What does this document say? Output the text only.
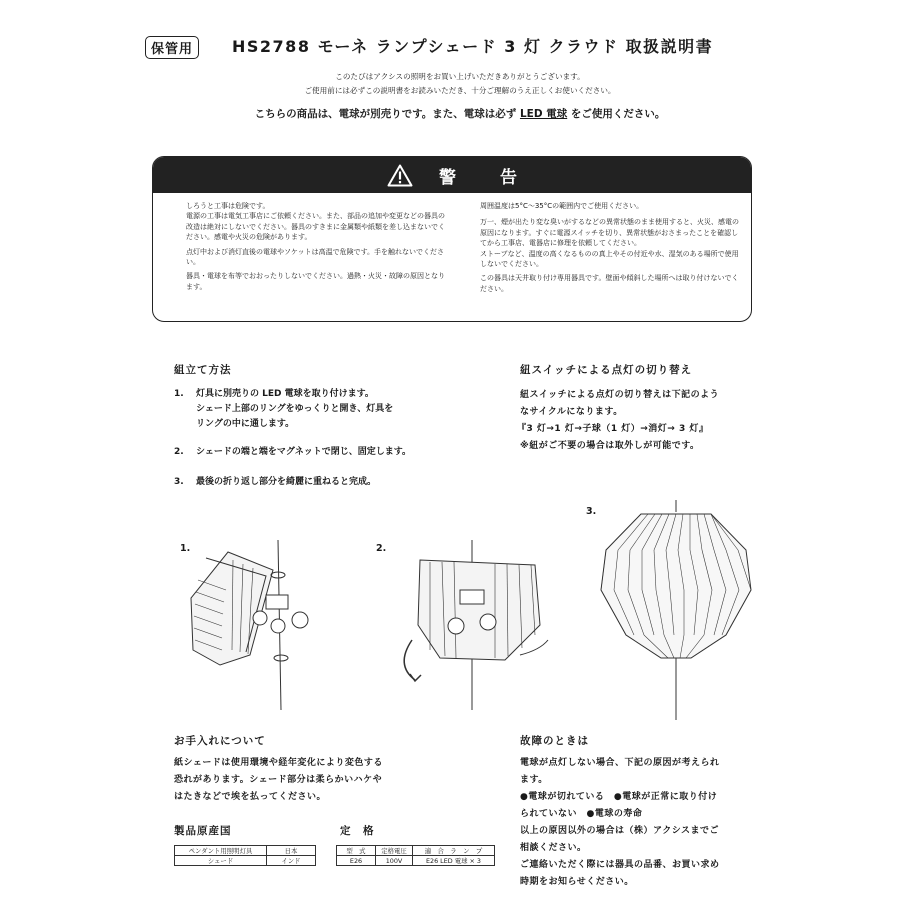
保管用	HS2788 モーネ ランプシェード 3 灯 クラウド 取扱説明書
このたびはアクシスの照明をお買い上げいただきありがとうございます。
ご使用前には必ずこの説明書をお読みいただき、十分ご理解のうえ正しくお使いください。
こちらの商品は、電球が別売りです。また、電球は必ず LED 電球 をご使用ください。
警	告

しろうと工事は危険です。

電源の工事は電気工事店にご依頼ください。また、部品の追加や変更などの器具の改造は絶対にしないでください。器具のすきまに金属類や紙類を差し込まないでください。感電や火災の危険があります。

点灯中および消灯直後の電球やソケットは高温で危険です。手を触れないでください。

器具・電球を布等でおおったりしないでください。過熱・火災・故障の原因となります。

周囲温度は5°C〜35°Cの範囲内でご使用ください。

万一、煙が出たり変な臭いがするなどの異常状態のまま使用すると、火災、感電の原因になります。すぐに電源スイッチを切り、異常状態がおさまったことを確認してから工事店、電器店に修理を依頼してください。

ストーブなど、温度の高くなるものの真上やその付近や水、湿気のある場所で使用しないでください。

この器具は天井取り付け専用器具です。壁面や傾斜した場所へは取り付けないでください。

組立て方法
1. 灯具に別売りの LED 電球を取り付けます。
シェード上部のリングをゆっくりと開き、灯具を
リングの中に通します。
2. シェードの端と端をマグネットで閉じ、固定します。
3. 最後の折り返し部分を綺麗に重ねると完成。
紐スイッチによる点灯の切り替え
紐スイッチによる点灯の切り替えは下記のよう
なサイクルになります。
『3 灯→1 灯→子球（1 灯）→消灯→ 3 灯』
※紐がご不要の場合は取外しが可能です。
1.	2.
3.
お手入れについて
紙シェードは使用環境や経年変化により変色する
恐れがあります。シェード部分は柔らかいハケや
はたきなどで埃を払ってください。
故障のときは
電球が点灯しない場合、下記の原因が考えられ
ます。
●電球が切れている　●電球が正常に取り付け
られていない　●電球の寿命
以上の原因以外の場合は（株）アクシスまでご
相談ください。
ご連絡いただく際には器具の品番、お買い求め
時期をお知らせください。
製品原産国
ペンダント用照明灯具	日本
シェード	インド
定　格
型　式	定格電圧	適　合　ラ　ン　プ
E26	100V	E26 LED 電球 × 3
